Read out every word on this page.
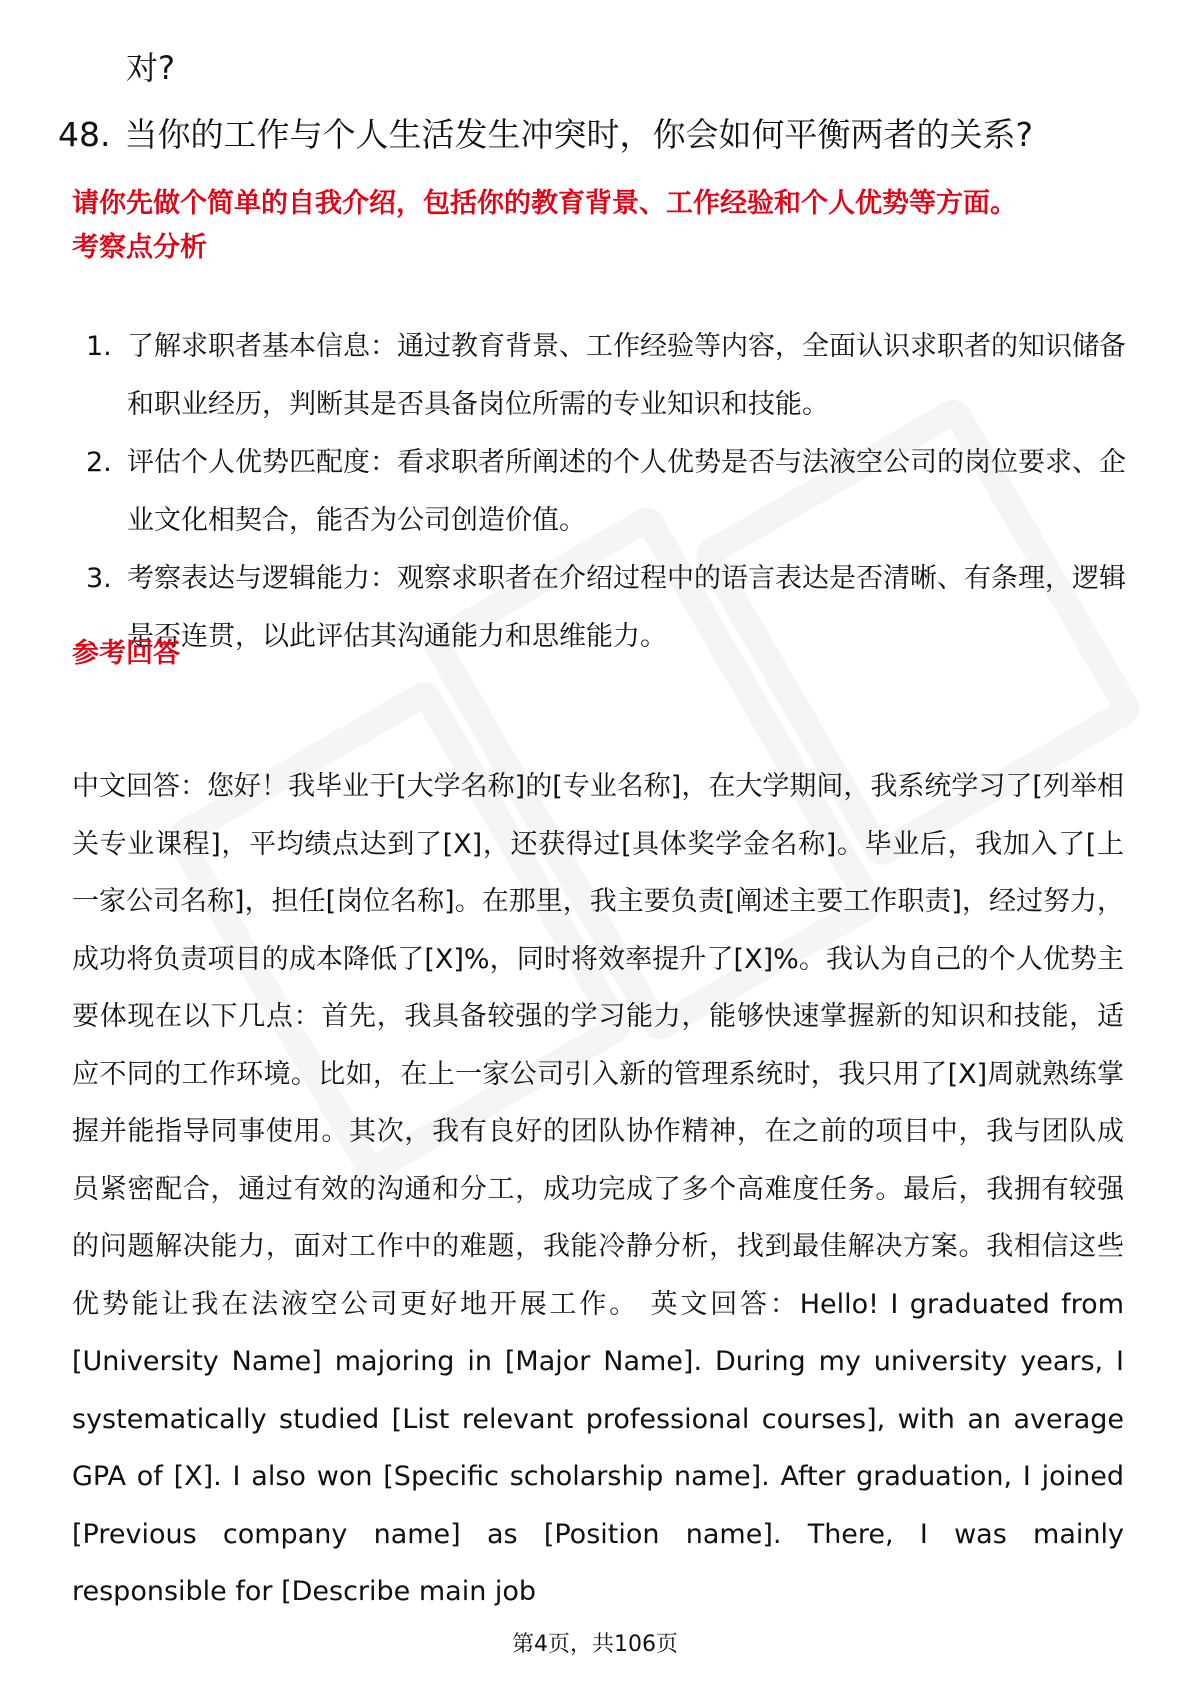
对?
48. 当你的工作与个人生活发生冲突时，你会如何平衡两者的关系?
请你先做个简单的自我介绍，包括你的教育背景、工作经验和个人优势等方面。
考察点分析
1. 了解求职者基本信息：通过教育背景、工作经验等内容，全面认识求职者的知识储备和职业经历，判断其是否具备岗位所需的专业知识和技能。
2. 评估个人优势匹配度：看求职者所阐述的个人优势是否与法液空公司的岗位要求、企业文化相契合，能否为公司创造价值。
3. 考察表达与逻辑能力：观察求职者在介绍过程中的语言表达是否清晰、有条理，逻辑是否连贯，以此评估其沟通能力和思维能力。
参考回答

中文回答：您好！我毕业于[大学名称]的[专业名称]，在大学期间，我系统学习了[列举相关专业课程]，平均绩点达到了[X]，还获得过[具体奖学金名称]。毕业后，我加入了[上一家公司名称]，担任[岗位名称]。在那里，我主要负责[阐述主要工作职责]，经过努力，成功将负责项目的成本降低了[X]%，同时将效率提升了[X]%。我认为自己的个人优势主要体现在以下几点：首先，我具备较强的学习能力，能够快速掌握新的知识和技能，适应不同的工作环境。比如，在上一家公司引入新的管理系统时，我只用了[X]周就熟练掌握并能指导同事使用。其次，我有良好的团队协作精神，在之前的项目中，我与团队成员紧密配合，通过有效的沟通和分工，成功完成了多个高难度任务。最后，我拥有较强的问题解决能力，面对工作中的难题，我能冷静分析，找到最佳解决方案。我相信这些优势能让我在法液空公司更好地开展工作。 英文回答：Hello! I graduated from [University Name] majoring in [Major Name]. During my university years, I systematically studied [List relevant professional courses], with an average GPA of [X]. I also won [Specific scholarship name]. After graduation, I joined [Previous company name] as [Position name]. There, I was mainly responsible for [Describe main job

第4页，共106页
